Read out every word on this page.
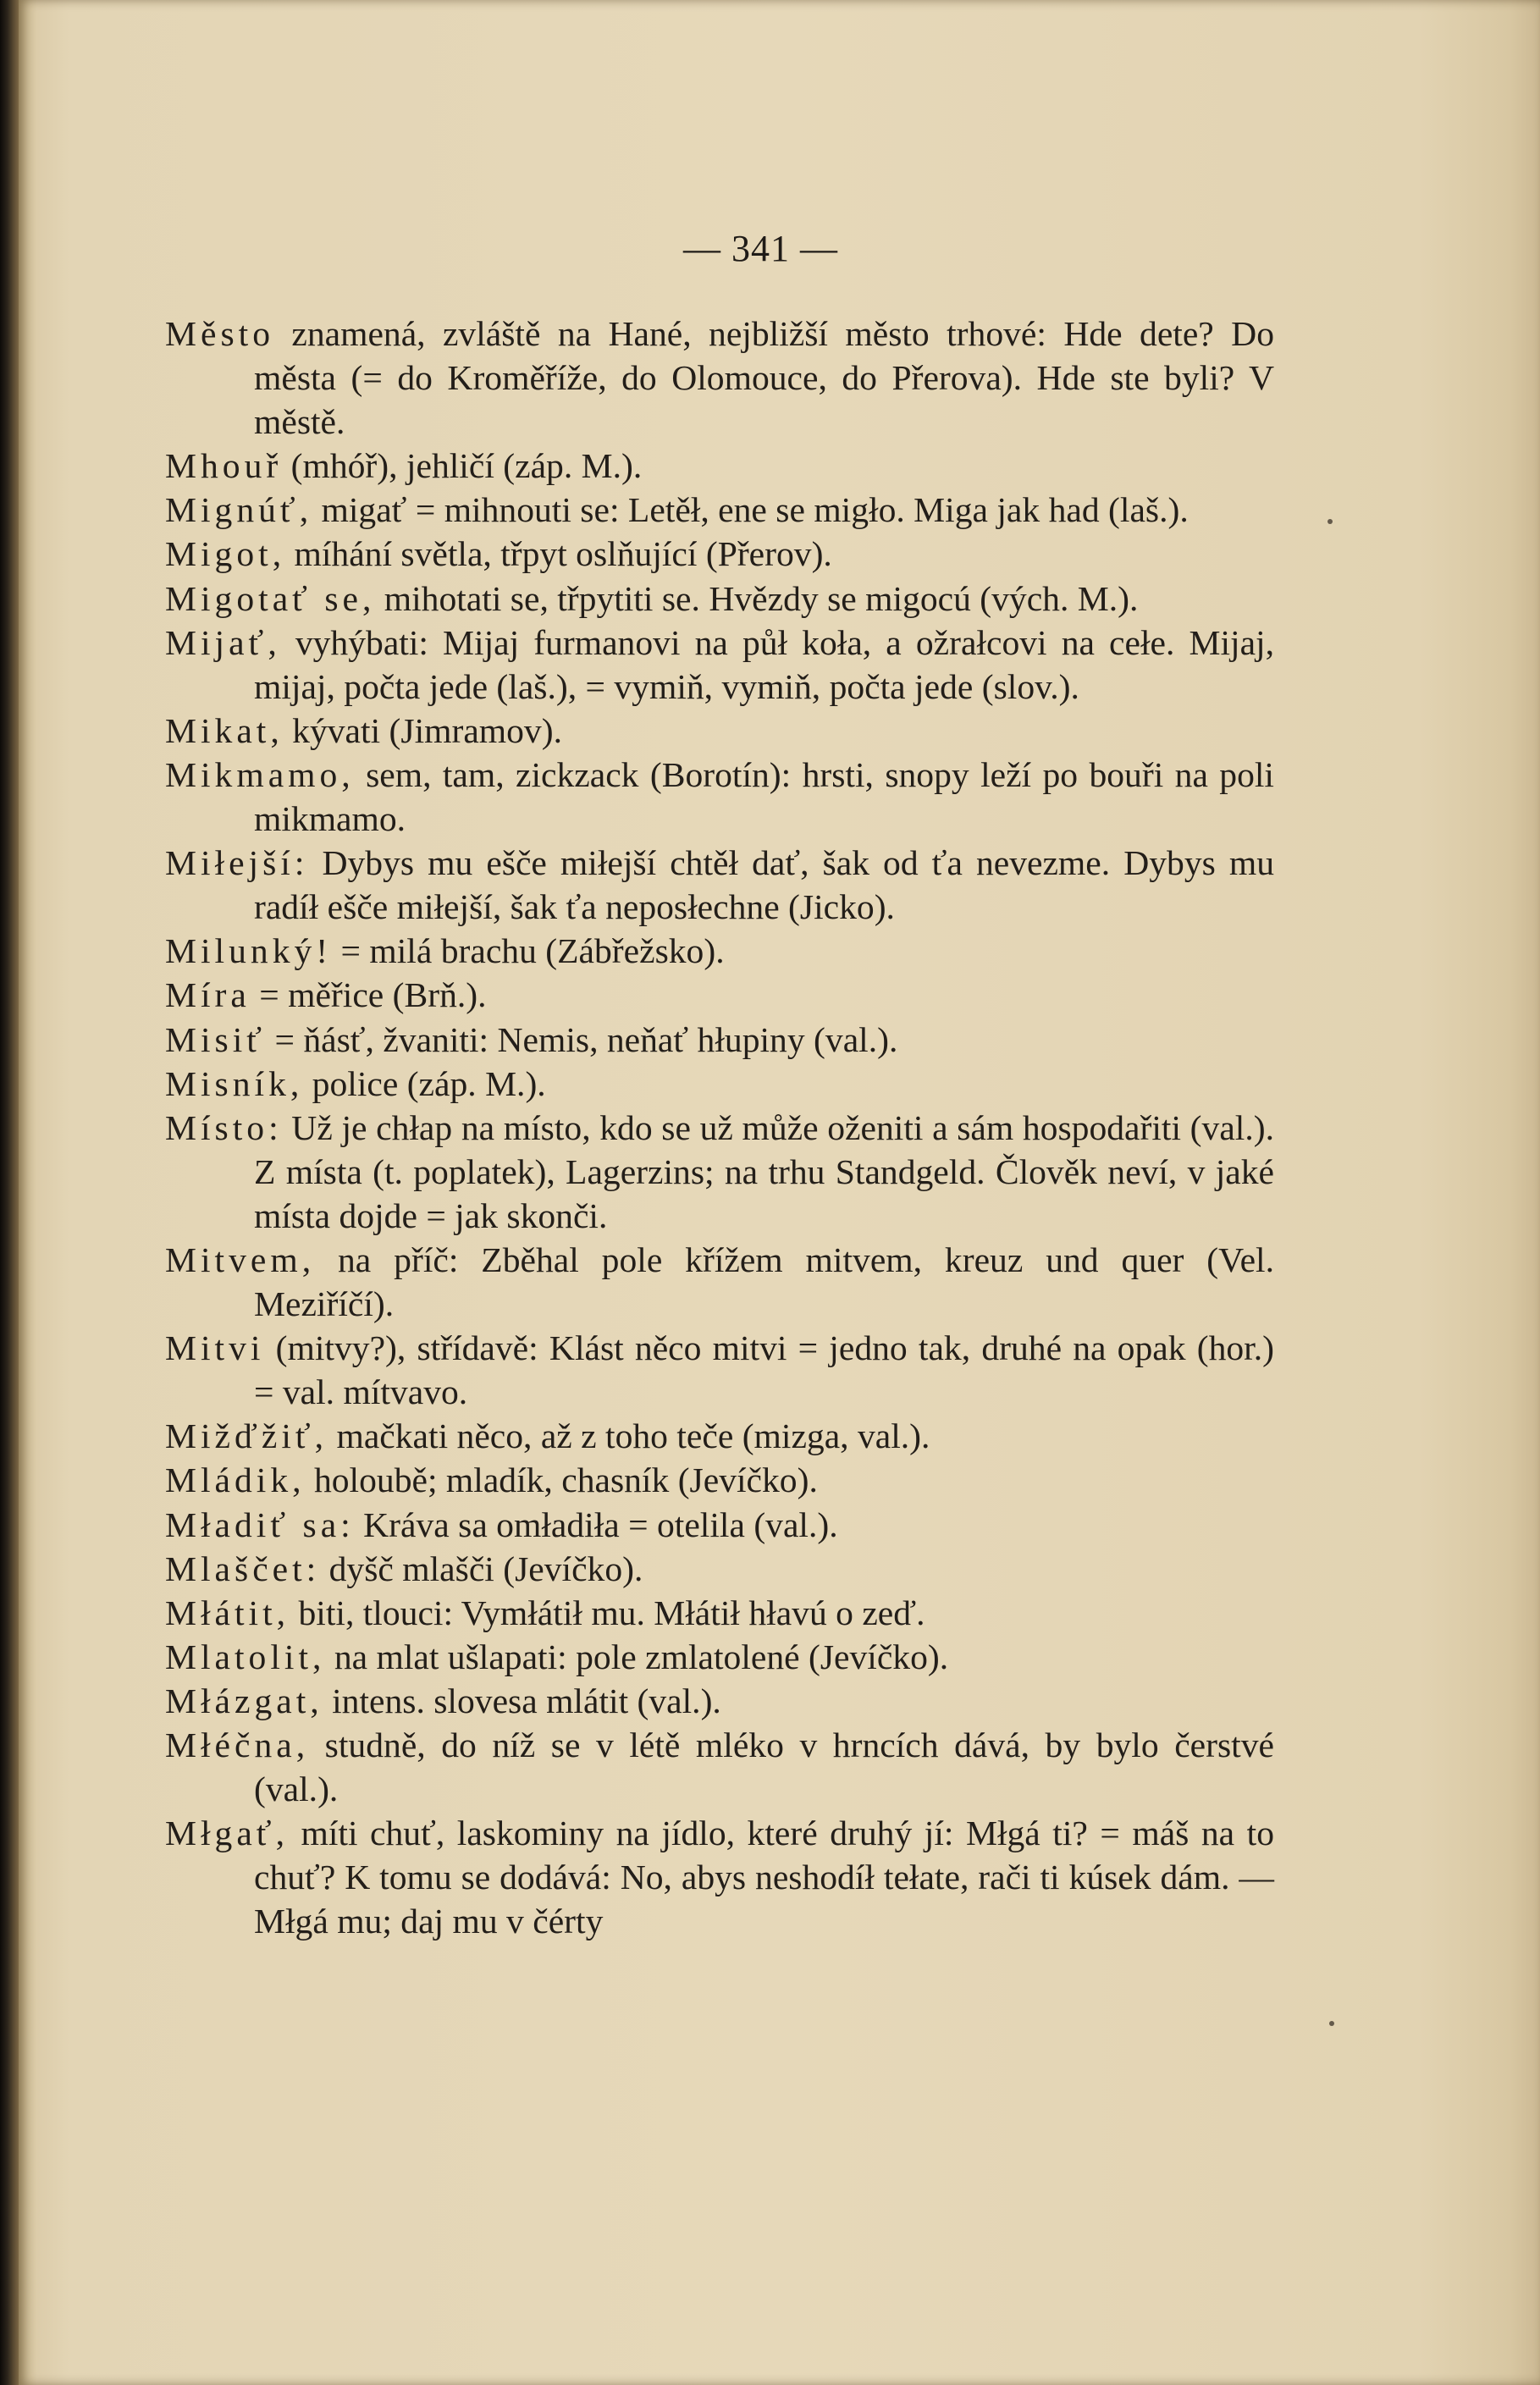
— 341 —

Město znamená, zvláště na Hané, nejbližší město trhové: Hde dete? Do města (= do Kroměříže, do Olomouce, do Přerova). Hde ste byli? V městě.

Mhouř (mhóř), jehličí (záp. M.).

Mignúť, migať = mihnouti se: Letěł, ene se migło. Miga jak had (laš.).

Migot, míhání světla, třpyt oslňující (Přerov).

Migotať se, mihotati se, třpytiti se. Hvězdy se migocú (vých. M.).

Mijať, vyhýbati: Mijaj furmanovi na půł koła, a ožrałcovi na cełe. Mijaj, mijaj, počta jede (laš.), = vymiň, vymiň, počta jede (slov.).

Mikat, kývati (Jimramov).

Mikmamo, sem, tam, zickzack (Borotín): hrsti, snopy leží po bouři na poli mikmamo.

Miłejší: Dybys mu ešče miłejší chtěł dať, šak od ťa nevezme. Dybys mu radíł ešče miłejší, šak ťa neposłechne (Jicko).

Milunký! = milá brachu (Zábřežsko).

Míra = měřice (Brň.).

Misiť = ňásť, žvaniti: Nemis, neňať hłupiny (val.).

Misník, police (záp. M.).

Místo: Už je chłap na místo, kdo se už může oženiti a sám hospodařiti (val.). Z místa (t. poplatek), Lagerzins; na trhu Standgeld. Člověk neví, v jaké místa dojde = jak skonči.

Mitvem, na příč: Zběhal pole křížem mitvem, kreuz und quer (Vel. Meziříčí).

Mitvi (mitvy?), střídavě: Klást něco mitvi = jedno tak, druhé na opak (hor.) = val. mítvavo.

Mižďžiť, mačkati něco, až z toho teče (mizga, val.).

Mládik, holoubě; mladík, chasník (Jevíčko).

Mładiť sa: Kráva sa omładiła = otelila (val.).

Mlaščet: dyšč mlašči (Jevíčko).

Młátit, biti, tlouci: Vymłátił mu. Młátił hłavú o zeď.

Mlatolit, na mlat ušlapati: pole zmlatolené (Jevíčko).

Młázgat, intens. slovesa mlátit (val.).

Młéčna, studně, do níž se v létě mléko v hrncích dává, by bylo čerstvé (val.).

Młgať, míti chuť, laskominy na jídlo, které druhý jí: Młgá ti? = máš na to chuť? K tomu se dodává: No, abys neshodíł tełate, rači ti kúsek dám. — Młgá mu; daj mu v čérty
